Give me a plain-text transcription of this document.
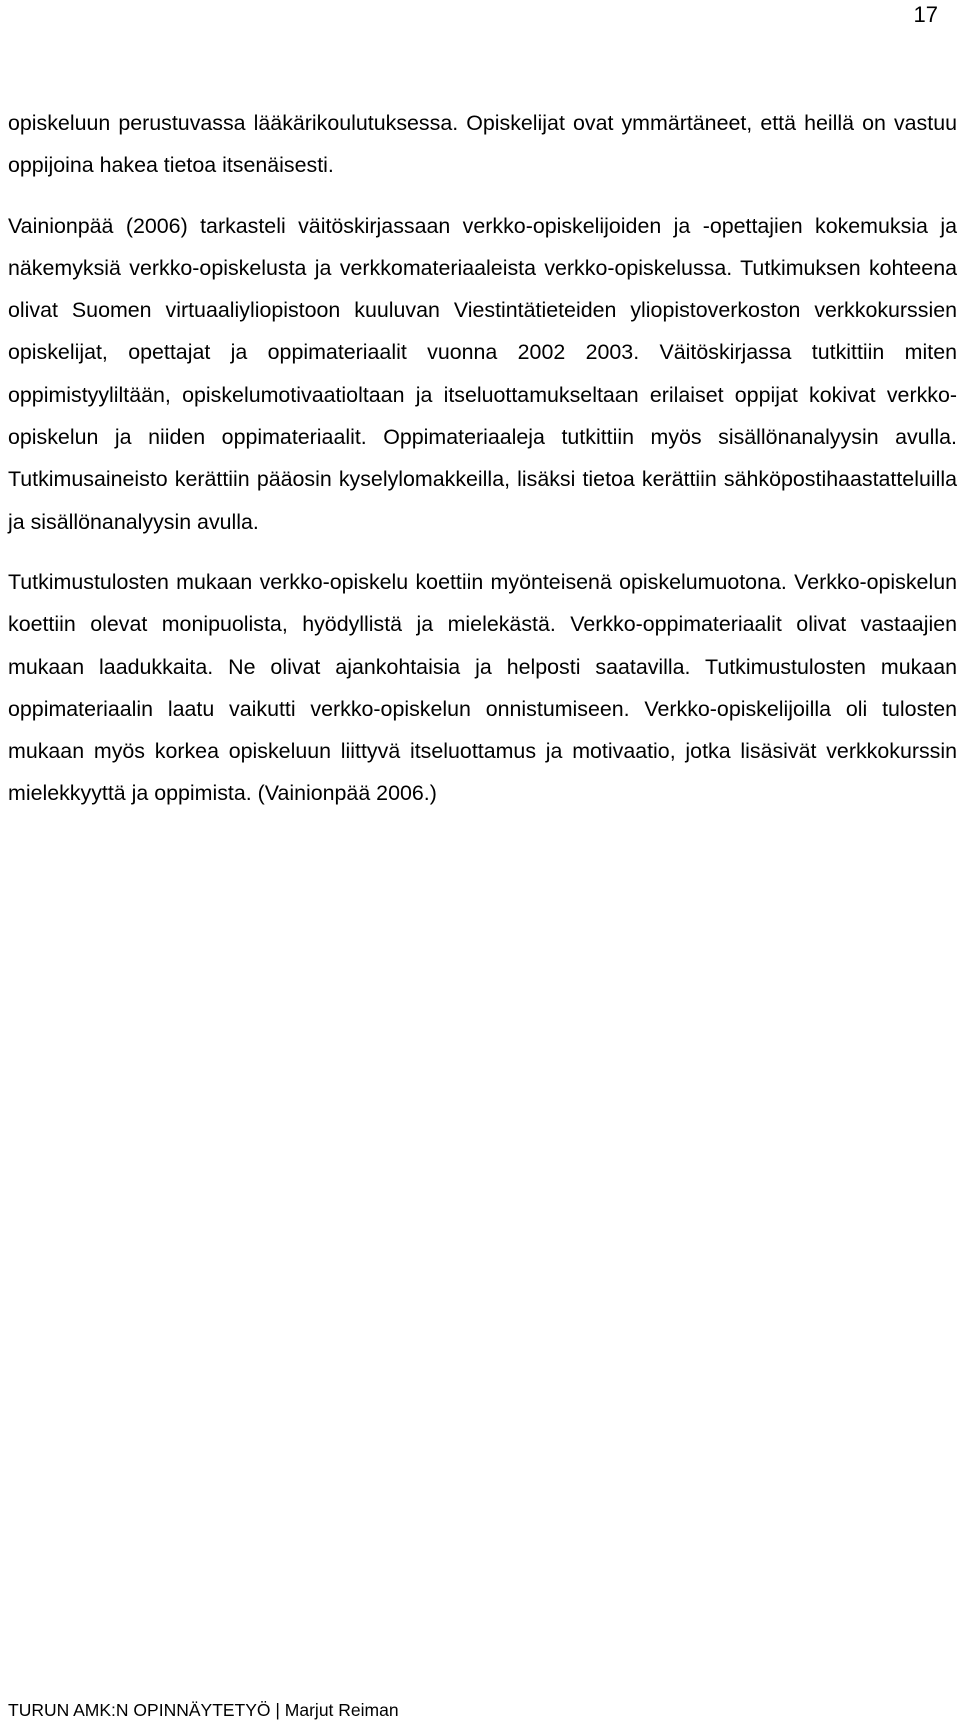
17

opiskeluun perustuvassa lääkärikoulutuksessa. Opiskelijat ovat ymmärtäneet, että heillä on vastuu oppijoina hakea tietoa itsenäisesti.

Vainionpää (2006) tarkasteli väitöskirjassaan verkko-opiskelijoiden ja -opettajien kokemuksia ja näkemyksiä verkko-opiskelusta ja verkkomateriaaleista verkko-opiskelussa. Tutkimuksen kohteena olivat Suomen virtuaaliyliopistoon kuuluvan Viestintätieteiden yliopistoverkoston verkkokurssien opiskelijat, opettajat ja oppimateriaalit vuonna 2002 2003. Väitöskirjassa tutkittiin miten oppimistyyliltään, opiskelumotivaatioltaan ja itseluottamukseltaan erilaiset oppijat kokivat verkko-opiskelun ja niiden oppimateriaalit. Oppimateriaaleja tutkittiin myös sisällönanalyysin avulla. Tutkimusaineisto kerättiin pääosin kyselylomakkeilla, lisäksi tietoa kerättiin sähköpostihaastatteluilla ja sisällönanalyysin avulla.

Tutkimustulosten mukaan verkko-opiskelu koettiin myönteisenä opiskelumuotona. Verkko-opiskelun koettiin olevat monipuolista, hyödyllistä ja mielekästä. Verkko-oppimateriaalit olivat vastaajien mukaan laadukkaita. Ne olivat ajankohtaisia ja helposti saatavilla. Tutkimustulosten mukaan oppimateriaalin laatu vaikutti verkko-opiskelun onnistumiseen. Verkko-opiskelijoilla oli tulosten mukaan myös korkea opiskeluun liittyvä itseluottamus ja motivaatio, jotka lisäsivät verkkokurssin mielekkyyttä ja oppimista. (Vainionpää 2006.)

TURUN AMK:N OPINNÄYTETYÖ | Marjut Reiman
